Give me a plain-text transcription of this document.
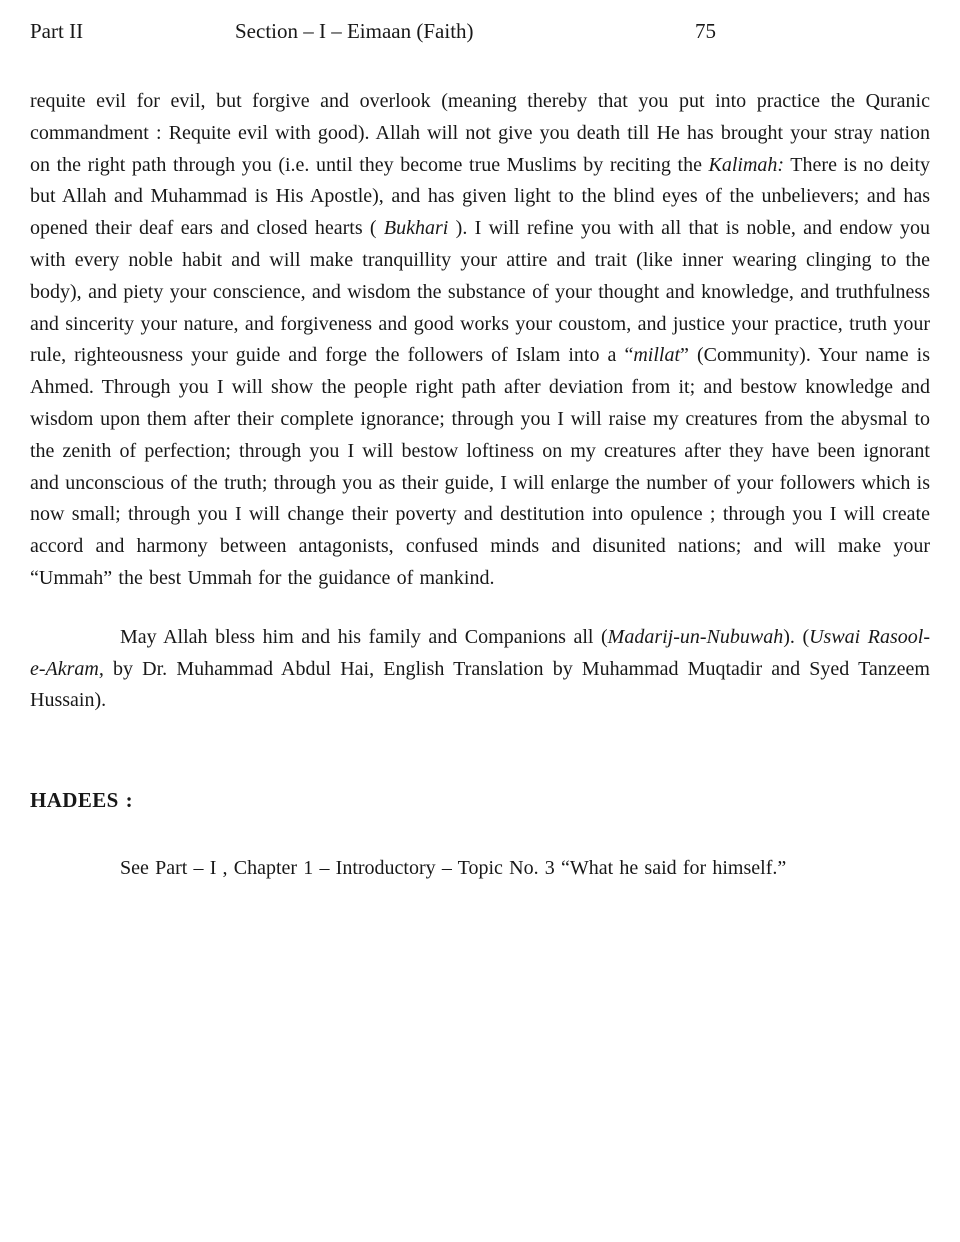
Part II	Section – I – Eimaan (Faith)	75

requite evil for evil, but forgive and overlook (meaning thereby that you put into practice the Quranic commandment : Requite evil with good). Allah will not give you death till He has brought your stray nation on the right path through you (i.e. until they become true Muslims by reciting the Kalimah: There is no deity but Allah and Muhammad is His Apostle), and has given light to the blind eyes of the unbelievers; and has opened their deaf ears and closed hearts ( Bukhari ). I will refine you with all that is noble, and endow you with every noble habit and will make tranquillity your attire and trait (like inner wearing clinging to the body), and piety your conscience, and wisdom the substance of your thought and knowledge, and truthfulness and sincerity your nature, and forgiveness and good works your coustom, and justice your practice, truth your rule, righteousness your guide and forge the followers of Islam into a “millat” (Community). Your name is Ahmed. Through you I will show the people right path after deviation from it; and bestow knowledge and wisdom upon them after their complete ignorance; through you I will raise my creatures from the abysmal to the zenith of perfection; through you I will bestow loftiness on my creatures after they have been ignorant and unconscious of the truth; through you as their guide, I will enlarge the number of your followers which is now small; through you I will change their poverty and destitution into opulence ; through you I will create accord and harmony between antagonists, confused minds and disunited nations; and will make your “Ummah” the best Ummah for the guidance of mankind.

May Allah bless him and his family and Companions all (Madarij-un-Nubuwah). (Uswai Rasool- e-Akram, by Dr. Muhammad Abdul Hai, English Translation by Muhammad Muqtadir and Syed Tanzeem Hussain).

HADEES :

See Part – I , Chapter 1 – Introductory – Topic No. 3 “What he said for himself.”
